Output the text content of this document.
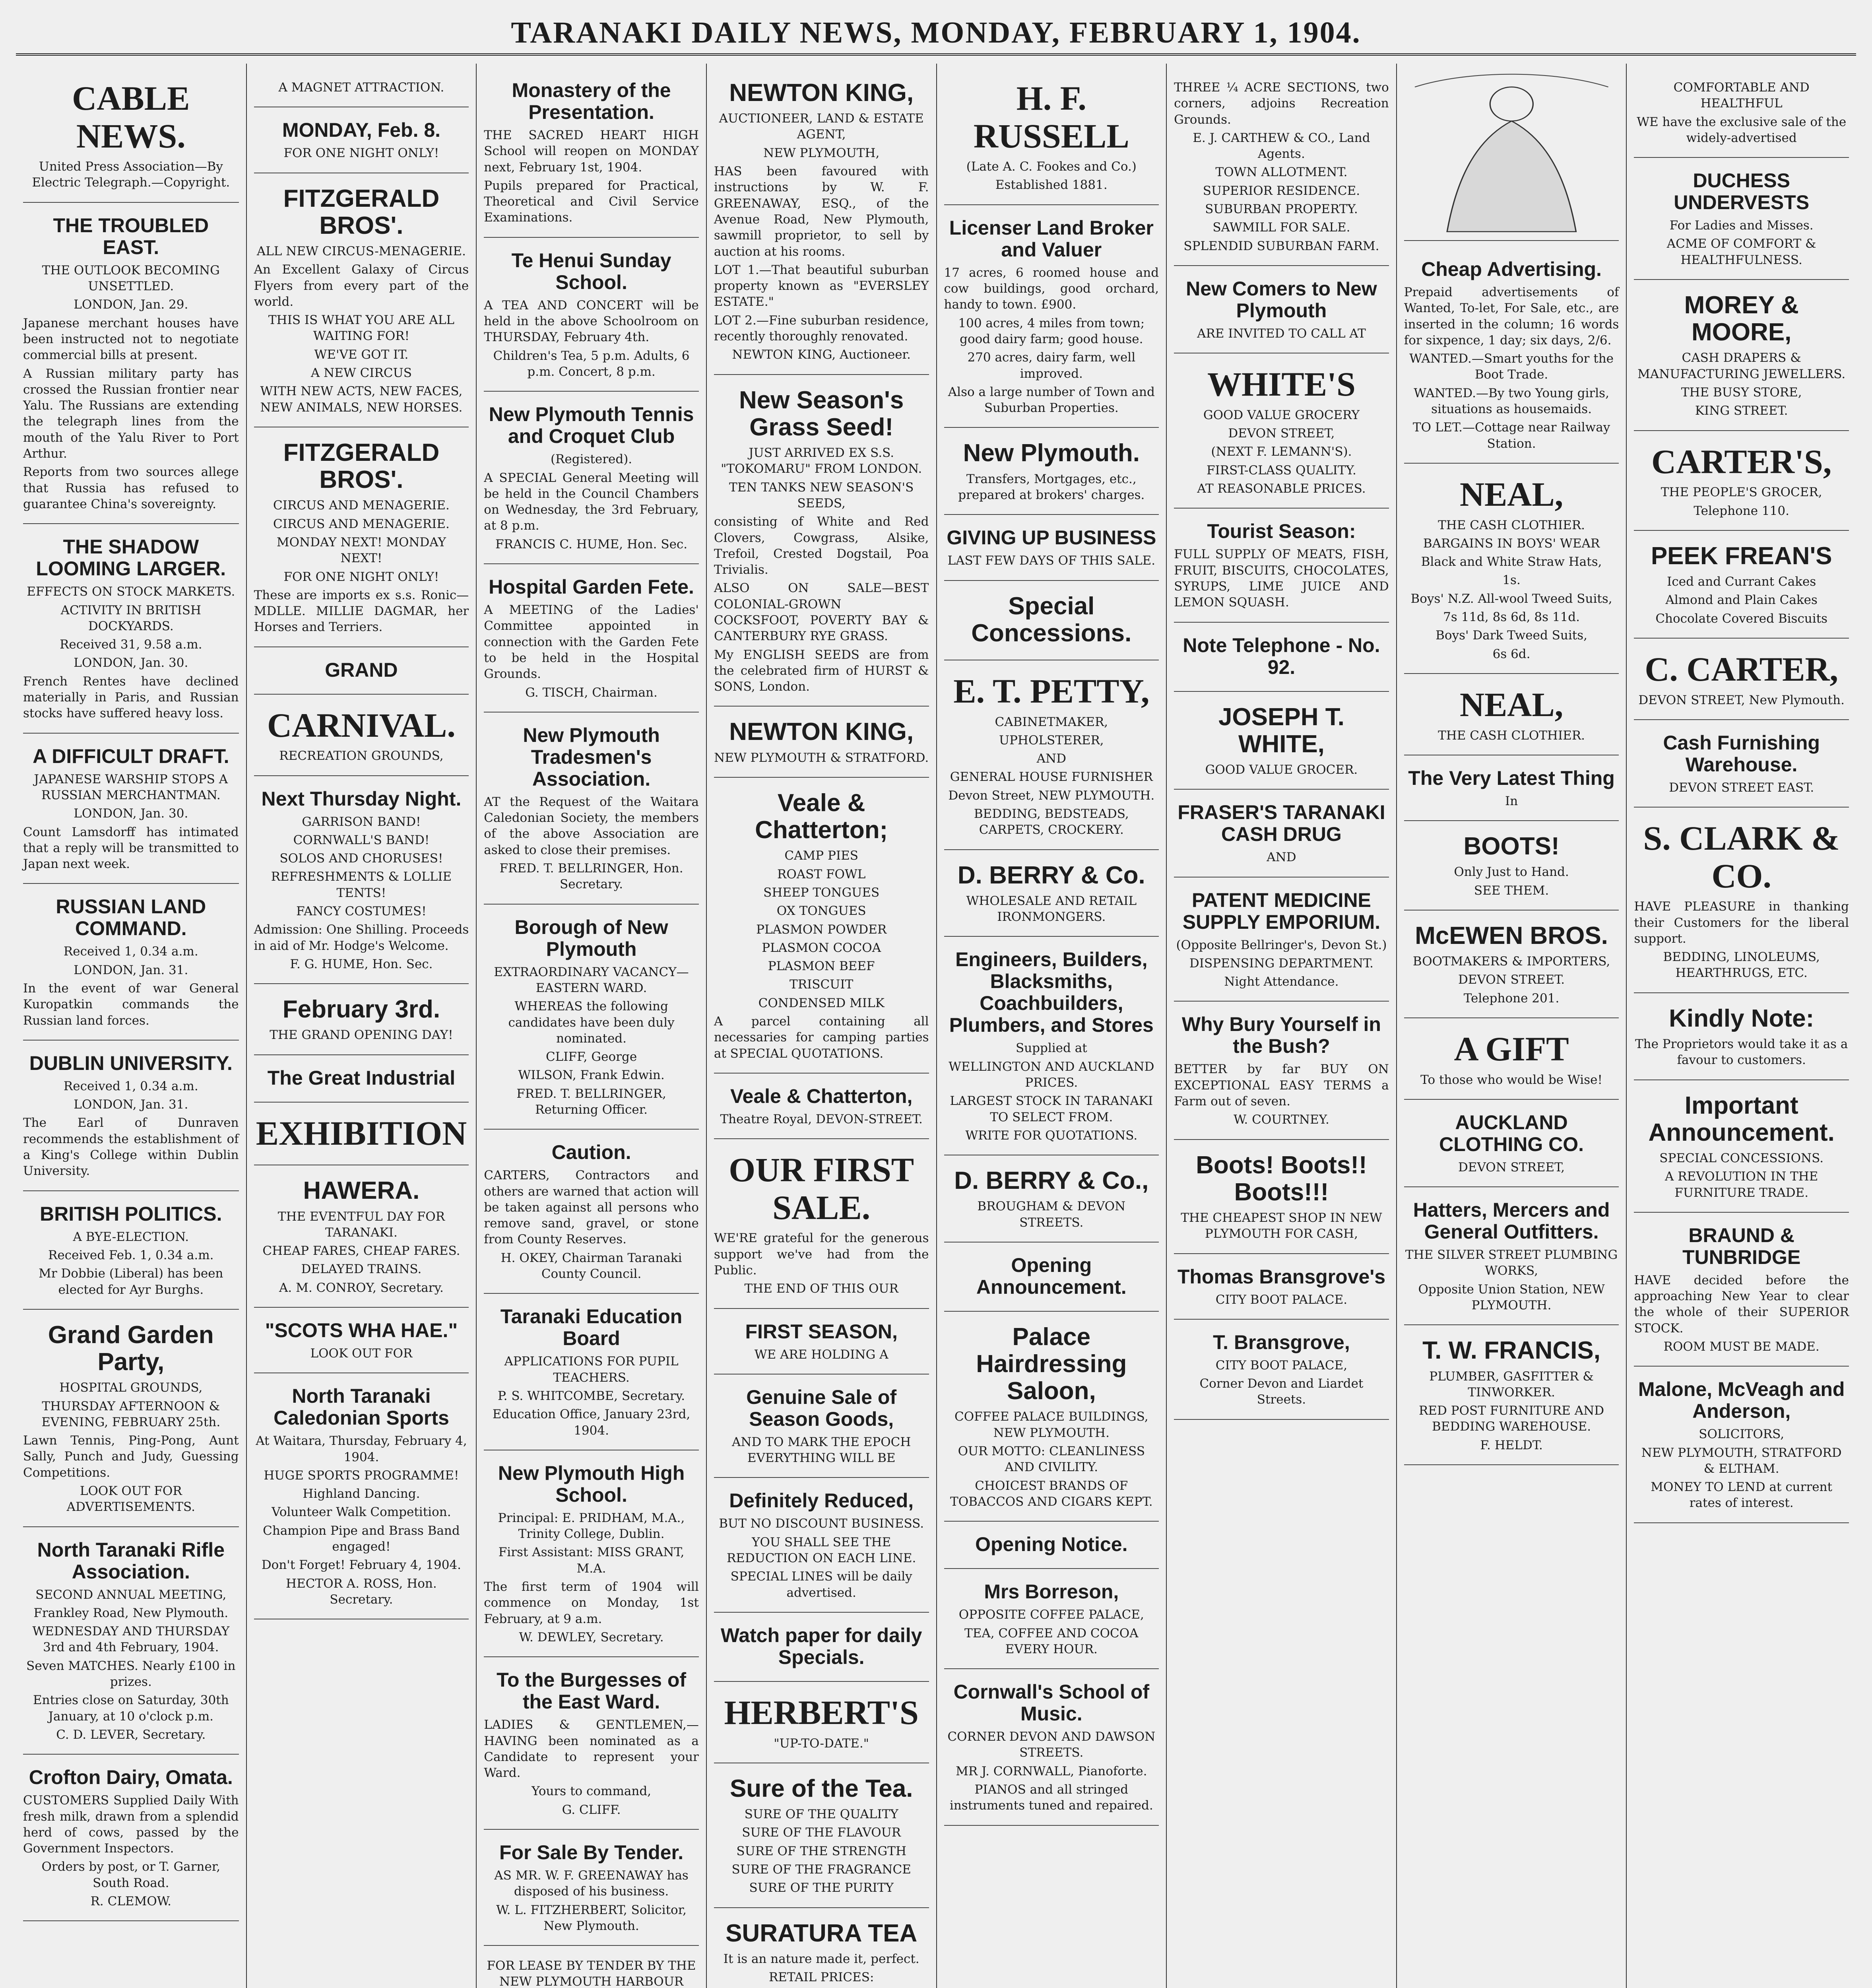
TARANAKI DAILY NEWS, MONDAY, FEBRUARY 1, 1904.
CABLE NEWS.
United Press Association—By Electric Telegraph.—Copyright.
THE TROUBLED EAST.
THE OUTLOOK BECOMING UNSETTLED.
LONDON, Jan. 29.
Japanese merchant houses have been instructed not to negotiate commercial bills at present.
A Russian military party has crossed the Russian frontier near Yalu. The Russians are extending the telegraph lines from the mouth of the Yalu River to Port Arthur.
Reports from two sources allege that Russia has refused to guarantee China's sovereignty.
THE SHADOW LOOMING LARGER.
EFFECTS ON STOCK MARKETS.
ACTIVITY IN BRITISH DOCKYARDS.
Received 31, 9.58 a.m.
LONDON, Jan. 30.
French Rentes have declined materially in Paris, and Russian stocks have suffered heavy loss.
A DIFFICULT DRAFT.
JAPANESE WARSHIP STOPS A RUSSIAN MERCHANTMAN.
LONDON, Jan. 30.
Count Lamsdorff has intimated that a reply will be transmitted to Japan next week.
RUSSIAN LAND COMMAND.
Received 1, 0.34 a.m.
LONDON, Jan. 31.
In the event of war General Kuropatkin commands the Russian land forces.
DUBLIN UNIVERSITY.
Received 1, 0.34 a.m.
LONDON, Jan. 31.
The Earl of Dunraven recommends the establishment of a King's College within Dublin University.
BRITISH POLITICS.
A BYE-ELECTION.
Received Feb. 1, 0.34 a.m.
Mr Dobbie (Liberal) has been elected for Ayr Burghs.
Grand Garden Party,
HOSPITAL GROUNDS,
THURSDAY AFTERNOON & EVENING, FEBRUARY 25th.
Lawn Tennis, Ping-Pong, Aunt Sally, Punch and Judy, Guessing Competitions.
LOOK OUT FOR ADVERTISEMENTS.
North Taranaki Rifle Association.
SECOND ANNUAL MEETING,
Frankley Road, New Plymouth.
WEDNESDAY AND THURSDAY 3rd and 4th February, 1904.
Seven MATCHES. Nearly £100 in prizes.
Entries close on Saturday, 30th January, at 10 o'clock p.m.
C. D. LEVER, Secretary.
Crofton Dairy, Omata.
CUSTOMERS Supplied Daily With fresh milk, drawn from a splendid herd of cows, passed by the Government Inspectors.
Orders by post, or T. Garner, South Road.
R. CLEMOW.
A MAGNET ATTRACTION.
MONDAY, Feb. 8.
FOR ONE NIGHT ONLY!
FITZGERALD BROS'.
ALL NEW CIRCUS-MENAGERIE.
An Excellent Galaxy of Circus Flyers from every part of the world.
THIS IS WHAT YOU ARE ALL WAITING FOR!
WE'VE GOT IT.
A NEW CIRCUS
WITH NEW ACTS, NEW FACES, NEW ANIMALS, NEW HORSES.
FITZGERALD BROS'.
CIRCUS AND MENAGERIE.
CIRCUS AND MENAGERIE.
MONDAY NEXT! MONDAY NEXT!
FOR ONE NIGHT ONLY!
These are imports ex s.s. Ronic—MDLLE. MILLIE DAGMAR, her Horses and Terriers.
GRAND
CARNIVAL.
RECREATION GROUNDS,
Next Thursday Night.
GARRISON BAND!
CORNWALL'S BAND!
SOLOS AND CHORUSES!
REFRESHMENTS & LOLLIE TENTS!
FANCY COSTUMES!
Admission: One Shilling. Proceeds in aid of Mr. Hodge's Welcome.
F. G. HUME, Hon. Sec.
February 3rd.
THE GRAND OPENING DAY!
The Great Industrial
EXHIBITION
HAWERA.
THE EVENTFUL DAY FOR TARANAKI.
CHEAP FARES, CHEAP FARES.
DELAYED TRAINS.
A. M. CONROY, Secretary.
"SCOTS WHA HAE."
LOOK OUT FOR
North Taranaki Caledonian Sports
At Waitara, Thursday, February 4, 1904.
HUGE SPORTS PROGRAMME!
Highland Dancing.
Volunteer Walk Competition.
Champion Pipe and Brass Band engaged!
Don't Forget! February 4, 1904.
HECTOR A. ROSS, Hon. Secretary.
Monastery of the Presentation.
THE SACRED HEART HIGH School will reopen on MONDAY next, February 1st, 1904.
Pupils prepared for Practical, Theoretical and Civil Service Examinations.
Te Henui Sunday School.
A TEA AND CONCERT will be held in the above Schoolroom on THURSDAY, February 4th.
Children's Tea, 5 p.m. Adults, 6 p.m. Concert, 8 p.m.
New Plymouth Tennis and Croquet Club
(Registered).
A SPECIAL General Meeting will be held in the Council Chambers on Wednesday, the 3rd February, at 8 p.m.
FRANCIS C. HUME, Hon. Sec.
Hospital Garden Fete.
A MEETING of the Ladies' Committee appointed in connection with the Garden Fete to be held in the Hospital Grounds.
G. TISCH, Chairman.
New Plymouth Tradesmen's Association.
AT the Request of the Waitara Caledonian Society, the members of the above Association are asked to close their premises.
FRED. T. BELLRINGER, Hon. Secretary.
Borough of New Plymouth
EXTRAORDINARY VACANCY—EASTERN WARD.
WHEREAS the following candidates have been duly nominated.
CLIFF, George
WILSON, Frank Edwin.
FRED. T. BELLRINGER, Returning Officer.
Caution.
CARTERS, Contractors and others are warned that action will be taken against all persons who remove sand, gravel, or stone from County Reserves.
H. OKEY, Chairman Taranaki County Council.
Taranaki Education Board
APPLICATIONS FOR PUPIL TEACHERS.
P. S. WHITCOMBE, Secretary.
Education Office, January 23rd, 1904.
New Plymouth High School.
Principal: E. PRIDHAM, M.A., Trinity College, Dublin.
First Assistant: MISS GRANT, M.A.
The first term of 1904 will commence on Monday, 1st February, at 9 a.m.
W. DEWLEY, Secretary.
To the Burgesses of the East Ward.
LADIES & GENTLEMEN,—HAVING been nominated as a Candidate to represent your Ward.
Yours to command,
G. CLIFF.
For Sale By Tender.
AS MR. W. F. GREENAWAY has disposed of his business.
W. L. FITZHERBERT, Solicitor, New Plymouth.
FOR LEASE BY TENDER BY THE NEW PLYMOUTH HARBOUR
NEWTON KING,
AUCTIONEER, LAND & ESTATE AGENT,
NEW PLYMOUTH,
HAS been favoured with instructions by W. F. GREENAWAY, ESQ., of the Avenue Road, New Plymouth, sawmill proprietor, to sell by auction at his rooms.
LOT 1.—That beautiful suburban property known as "EVERSLEY ESTATE."
LOT 2.—Fine suburban residence, recently thoroughly renovated.
NEWTON KING, Auctioneer.
New Season's Grass Seed!
JUST ARRIVED EX S.S. "TOKOMARU" FROM LONDON.
TEN TANKS NEW SEASON'S SEEDS,
consisting of White and Red Clovers, Cowgrass, Alsike, Trefoil, Crested Dogstail, Poa Trivialis.
ALSO ON SALE—BEST COLONIAL-GROWN COCKSFOOT, POVERTY BAY & CANTERBURY RYE GRASS.
My ENGLISH SEEDS are from the celebrated firm of HURST & SONS, London.
NEWTON KING,
NEW PLYMOUTH & STRATFORD.
Veale & Chatterton;
CAMP PIES
ROAST FOWL
SHEEP TONGUES
OX TONGUES
PLASMON POWDER
PLASMON COCOA
PLASMON BEEF
TRISCUIT
CONDENSED MILK
A parcel containing all necessaries for camping parties at SPECIAL QUOTATIONS.
Veale & Chatterton,
Theatre Royal, DEVON-STREET.
OUR FIRST SALE.
WE'RE grateful for the generous support we've had from the Public.
THE END OF THIS OUR
FIRST SEASON,
WE ARE HOLDING A
Genuine Sale of Season Goods,
AND TO MARK THE EPOCH EVERYTHING WILL BE
Definitely Reduced,
BUT NO DISCOUNT BUSINESS.
YOU SHALL SEE THE REDUCTION ON EACH LINE.
SPECIAL LINES will be daily advertised.
Watch paper for daily Specials.
HERBERT'S
"UP-TO-DATE."
Sure of the Tea.
SURE OF THE QUALITY
SURE OF THE FLAVOUR
SURE OF THE STRENGTH
SURE OF THE FRAGRANCE
SURE OF THE PURITY
SURATURA TEA
It is an nature made it, perfect.
RETAIL PRICES:
H. F. RUSSELL
(Late A. C. Fookes and Co.)
Established 1881.
Licenser Land Broker and Valuer
17 acres, 6 roomed house and cow buildings, good orchard, handy to town. £900.
100 acres, 4 miles from town; good dairy farm; good house.
270 acres, dairy farm, well improved.
Also a large number of Town and Suburban Properties.
New Plymouth.
Transfers, Mortgages, etc., prepared at brokers' charges.
GIVING UP BUSINESS
LAST FEW DAYS OF THIS SALE.
Special Concessions.
E. T. PETTY,
CABINETMAKER,
UPHOLSTERER,
AND
GENERAL HOUSE FURNISHER
Devon Street, NEW PLYMOUTH.
BEDDING, BEDSTEADS, CARPETS, CROCKERY.
D. BERRY & Co.
WHOLESALE AND RETAIL IRONMONGERS.
Engineers, Builders, Blacksmiths, Coachbuilders, Plumbers, and Stores
Supplied at
WELLINGTON AND AUCKLAND PRICES.
LARGEST STOCK IN TARANAKI TO SELECT FROM.
WRITE FOR QUOTATIONS.
D. BERRY & Co.,
BROUGHAM & DEVON STREETS.
Opening Announcement.
Palace Hairdressing Saloon,
COFFEE PALACE BUILDINGS, NEW PLYMOUTH.
OUR MOTTO: CLEANLINESS AND CIVILITY.
CHOICEST BRANDS OF TOBACCOS AND CIGARS KEPT.
Opening Notice.
Mrs Borreson,
OPPOSITE COFFEE PALACE,
TEA, COFFEE AND COCOA EVERY HOUR.
Cornwall's School of Music.
CORNER DEVON AND DAWSON STREETS.
MR J. CORNWALL, Pianoforte.
PIANOS and all stringed instruments tuned and repaired.
THREE ¼ ACRE SECTIONS, two corners, adjoins Recreation Grounds.
E. J. CARTHEW & CO., Land Agents.
TOWN ALLOTMENT.
SUPERIOR RESIDENCE.
SUBURBAN PROPERTY.
SAWMILL FOR SALE.
SPLENDID SUBURBAN FARM.
New Comers to New Plymouth
ARE INVITED TO CALL AT
WHITE'S
GOOD VALUE GROCERY
DEVON STREET,
(NEXT F. LEMANN'S).
FIRST-CLASS QUALITY.
AT REASONABLE PRICES.
Tourist Season:
FULL SUPPLY OF MEATS, FISH, FRUIT, BISCUITS, CHOCOLATES, SYRUPS, LIME JUICE AND LEMON SQUASH.
Note Telephone - No. 92.
JOSEPH T. WHITE,
GOOD VALUE GROCER.
FRASER'S TARANAKI CASH DRUG
AND
PATENT MEDICINE SUPPLY EMPORIUM.
(Opposite Bellringer's, Devon St.)
DISPENSING DEPARTMENT.
Night Attendance.
Why Bury Yourself in the Bush?
BETTER by far BUY ON EXCEPTIONAL EASY TERMS a Farm out of seven.
W. COURTNEY.
Boots! Boots!! Boots!!!
THE CHEAPEST SHOP IN NEW PLYMOUTH FOR CASH,
Thomas Bransgrove's
CITY BOOT PALACE.
T. Bransgrove,
CITY BOOT PALACE,
Corner Devon and Liardet Streets.
Cheap Advertising.
Prepaid advertisements of Wanted, To-let, For Sale, etc., are inserted in the column; 16 words for sixpence, 1 day; six days, 2/6.
WANTED.—Smart youths for the Boot Trade.
WANTED.—By two Young girls, situations as housemaids.
TO LET.—Cottage near Railway Station.
NEAL,
THE CASH CLOTHIER.
BARGAINS IN BOYS' WEAR
Black and White Straw Hats,
1s.
Boys' N.Z. All-wool Tweed Suits,
7s 11d, 8s 6d, 8s 11d.
Boys' Dark Tweed Suits,
6s 6d.
NEAL,
THE CASH CLOTHIER.
The Very Latest Thing
In
BOOTS!
Only Just to Hand.
SEE THEM.
McEWEN BROS.
BOOTMAKERS & IMPORTERS,
DEVON STREET.
Telephone 201.
A GIFT
To those who would be Wise!
AUCKLAND CLOTHING CO.
DEVON STREET,
Hatters, Mercers and General Outfitters.
THE SILVER STREET PLUMBING WORKS,
Opposite Union Station, NEW PLYMOUTH.
T. W. FRANCIS,
PLUMBER, GASFITTER & TINWORKER.
RED POST FURNITURE AND BEDDING WAREHOUSE.
F. HELDT.
COMFORTABLE AND HEALTHFUL
WE have the exclusive sale of the widely-advertised
DUCHESS UNDERVESTS
For Ladies and Misses.
ACME OF COMFORT & HEALTHFULNESS.
MOREY & MOORE,
CASH DRAPERS & MANUFACTURING JEWELLERS.
THE BUSY STORE,
KING STREET.
CARTER'S,
THE PEOPLE'S GROCER,
Telephone 110.
PEEK FREAN'S
Iced and Currant Cakes
Almond and Plain Cakes
Chocolate Covered Biscuits
C. CARTER,
DEVON STREET, New Plymouth.
Cash Furnishing Warehouse.
DEVON STREET EAST.
S. CLARK & CO.
HAVE PLEASURE in thanking their Customers for the liberal support.
BEDDING, LINOLEUMS, HEARTHRUGS, ETC.
Kindly Note:
The Proprietors would take it as a favour to customers.
Important Announcement.
SPECIAL CONCESSIONS.
A REVOLUTION IN THE FURNITURE TRADE.
BRAUND & TUNBRIDGE
HAVE decided before the approaching New Year to clear the whole of their SUPERIOR STOCK.
ROOM MUST BE MADE.
Malone, McVeagh and Anderson,
SOLICITORS,
NEW PLYMOUTH, STRATFORD & ELTHAM.
MONEY TO LEND at current rates of interest.
